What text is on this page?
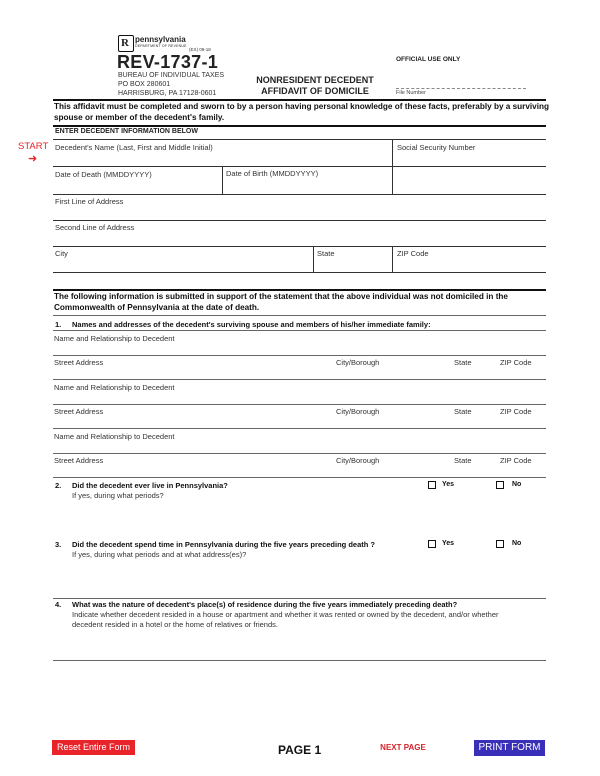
R pennsylvania
DEPARTMENT OF REVENUE
(EX) 09-18
REV-1737-1
BUREAU OF INDIVIDUAL TAXES
PO BOX 280601
HARRISBURG, PA 17128-0601
NONRESIDENT DECEDENT
AFFIDAVIT OF DOMICILE
OFFICIAL USE ONLY
File Number
This affidavit must be completed and sworn to by a person having personal knowledge of these facts, preferably by a surviving spouse or member of the decedent's family.
ENTER DECEDENT INFORMATION BELOW
START
➜
Decedent's Name (Last, First and Middle Initial)	Social Security Number
Date of Death (MMDDYYYY)	Date of Birth (MMDDYYYY)
First Line of Address
Second Line of Address
City	State	ZIP Code
The following information is submitted in support of the statement that the above individual was not domiciled in the Commonwealth of Pennsylvania at the date of death.
1. Names and addresses of the decedent's surviving spouse and members of his/her immediate family:
Name and Relationship to Decedent
Street Address	City/Borough	State	ZIP Code
Name and Relationship to Decedent
Street Address	City/Borough	State	ZIP Code
Name and Relationship to Decedent
Street Address	City/Borough	State	ZIP Code
2. Did the decedent ever live in Pennsylvania?
If yes, during what periods?
Yes	No
3. Did the decedent spend time in Pennsylvania during the five years preceding death ?
If yes, during what periods and at what address(es)?
Yes	No
4. What was the nature of decedent's place(s) of residence during the five years immediately preceding death?
Indicate whether decedent resided in a house or apartment and whether it was rented or owned by the decedent, and/or whether
decedent resided in a hotel or the home of relatives or friends.
Reset Entire Form	PAGE 1	NEXT PAGE	PRINT FORM
